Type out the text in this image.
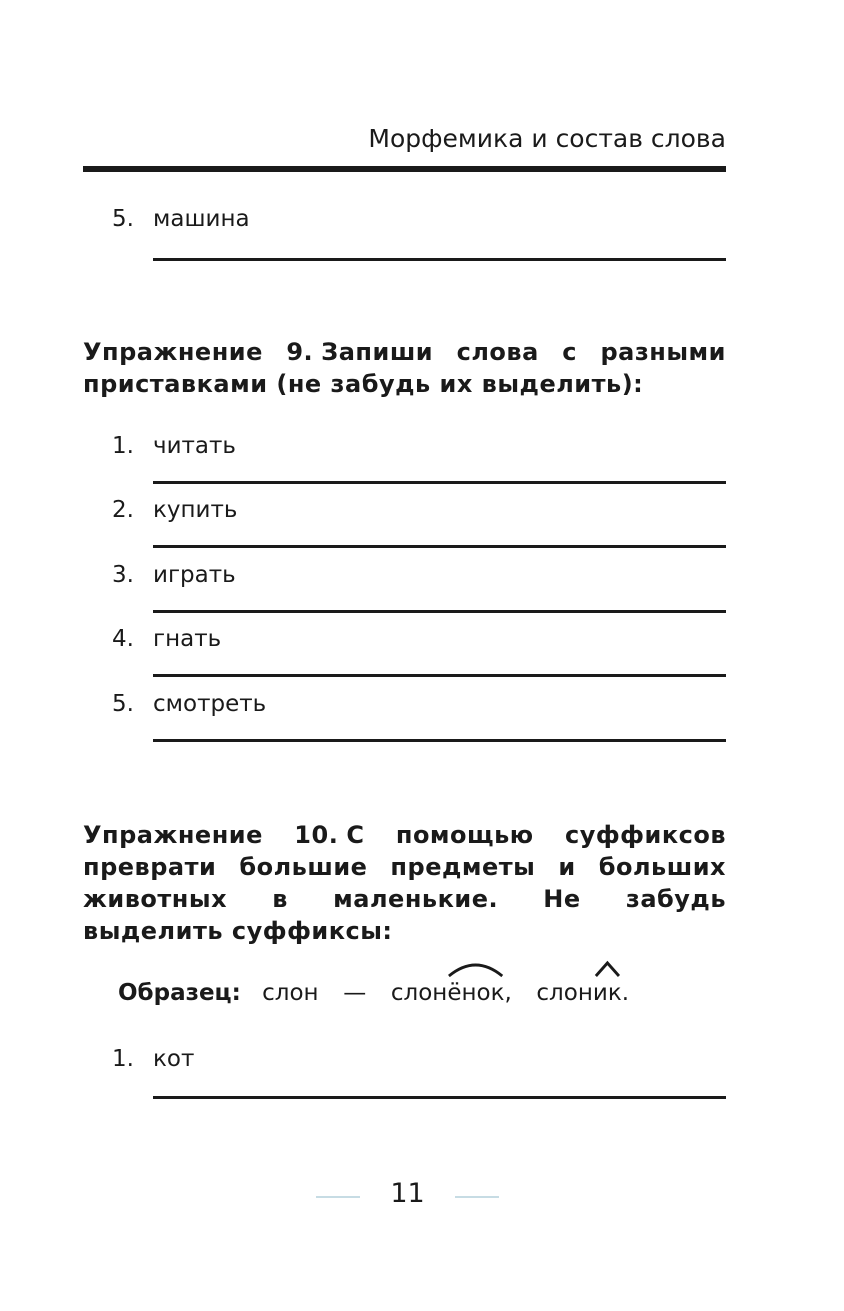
Морфемика и состав слова
5. машина
Упражнение 9. Запиши слова с разными приставками (не забудь их выделить):
1. читать
2. купить
3. играть
4. гнать
5. смотреть
Упражнение 10. С помощью суффиксов преврати большие предметы и больших животных в маленькие. Не забудь выделить суффиксы:
Образец: слон — слон
ёнок, слон
ик.
1. кот
11
